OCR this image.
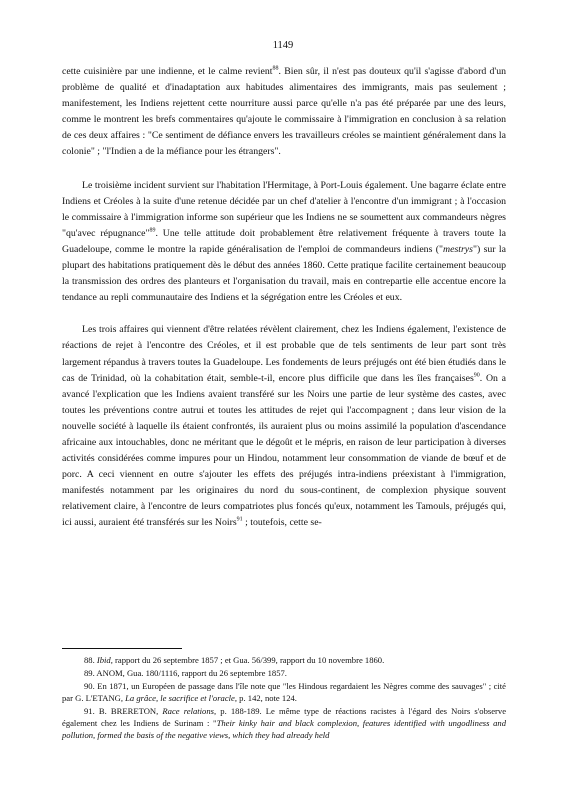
1149

cette cuisinière par une indienne, et le calme revient$^{88}$. Bien sûr, il n'est pas douteux qu'il s'agisse d'abord d'un problème de qualité et d'inadaptation aux habitudes alimentaires des immigrants, mais pas seulement ; manifestement, les Indiens rejettent cette nourriture aussi parce qu'elle n'a pas été préparée par une des leurs, comme le montrent les brefs commentaires qu'ajoute le commissaire à l'immigration en conclusion à sa relation de ces deux affaires : "Ce sentiment de défiance envers les travailleurs créoles se maintient généralement dans la colonie" ; "l'Indien a de la méfiance pour les étrangers".

Le troisième incident survient sur l'habitation l'Hermitage, à Port-Louis également. Une bagarre éclate entre Indiens et Créoles à la suite d'une retenue décidée par un chef d'atelier à l'encontre d'un immigrant ; à l'occasion le commissaire à l'immigration informe son supérieur que les Indiens ne se soumettent aux commandeurs nègres "qu'avec répugnance"$^{89}$. Une telle attitude doit probablement être relativement fréquente à travers toute la Guadeloupe, comme le montre la rapide généralisation de l'emploi de commandeurs indiens ("mestrys") sur la plupart des habitations pratiquement dès le début des années 1860. Cette pratique facilite certainement beaucoup la transmission des ordres des planteurs et l'organisation du travail, mais en contrepartie elle accentue encore la tendance au repli communautaire des Indiens et la ségrégation entre les Créoles et eux.

Les trois affaires qui viennent d'être relatées révèlent clairement, chez les Indiens également, l'existence de réactions de rejet à l'encontre des Créoles, et il est probable que de tels sentiments de leur part sont très largement répandus à travers toutes la Guadeloupe. Les fondements de leurs préjugés ont été bien étudiés dans le cas de Trinidad, où la cohabitation était, semble-t-il, encore plus difficile que dans les îles françaises$^{90}$. On a avancé l'explication que les Indiens avaient transféré sur les Noirs une partie de leur système des castes, avec toutes les préventions contre autrui et toutes les attitudes de rejet qui l'accompagnent ; dans leur vision de la nouvelle société à laquelle ils étaient confrontés, ils auraient plus ou moins assimilé la population d'ascendance africaine aux intouchables, donc ne méritant que le dégoût et le mépris, en raison de leur participation à diverses activités considérées comme impures pour un Hindou, notamment leur consommation de viande de bœuf et de porc. A ceci viennent en outre s'ajouter les effets des préjugés intra-indiens préexistant à l'immigration, manifestés notamment par les originaires du nord du sous-continent, de complexion physique souvent relativement claire, à l'encontre de leurs compatriotes plus foncés qu'eux, notamment les Tamouls, préjugés qui, ici aussi, auraient été transférés sur les Noirs$^{91}$ ; toutefois, cette se-

88. Ibid, rapport du 26 septembre 1857 ; et Gua. 56/399, rapport du 10 novembre 1860.

89. ANOM, Gua. 180/1116, rapport du 26 septembre 1857.

90. En 1871, un Européen de passage dans l'île note que "les Hindous regardaient les Nègres comme des sauvages" ; cité par G. L'ETANG, La grâce, le sacrifice et l'oracle, p. 142, note 124.

91. B. BRERETON, Race relations, p. 188-189. Le même type de réactions racistes à l'égard des Noirs s'observe également chez les Indiens de Surinam : "Their kinky hair and black complexion, features identified with ungodliness and pollution, formed the basis of the negative views, which they had already held
